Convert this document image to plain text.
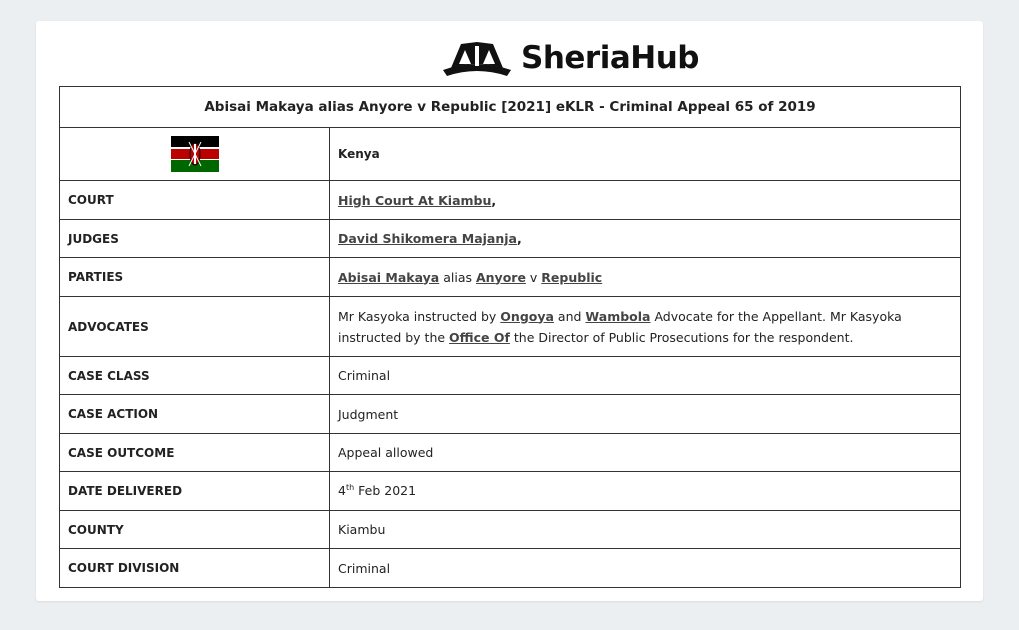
SheriaHub
Abisai Makaya alias Anyore v Republic [2021] eKLR - Criminal Appeal 65 of 2019	
	Kenya
COURT	High Court At Kiambu,
JUDGES	David Shikomera Majanja,
PARTIES	Abisai Makaya alias Anyore v Republic
ADVOCATES	Mr Kasyoka instructed by Ongoya and Wambola Advocate for the Appellant. Mr Kasyoka instructed by the Office Of the Director of Public Prosecutions for the respondent.
CASE CLASS	Criminal
CASE ACTION	Judgment
CASE OUTCOME	Appeal allowed
DATE DELIVERED	4th Feb 2021
COUNTY	Kiambu
COURT DIVISION	Criminal
